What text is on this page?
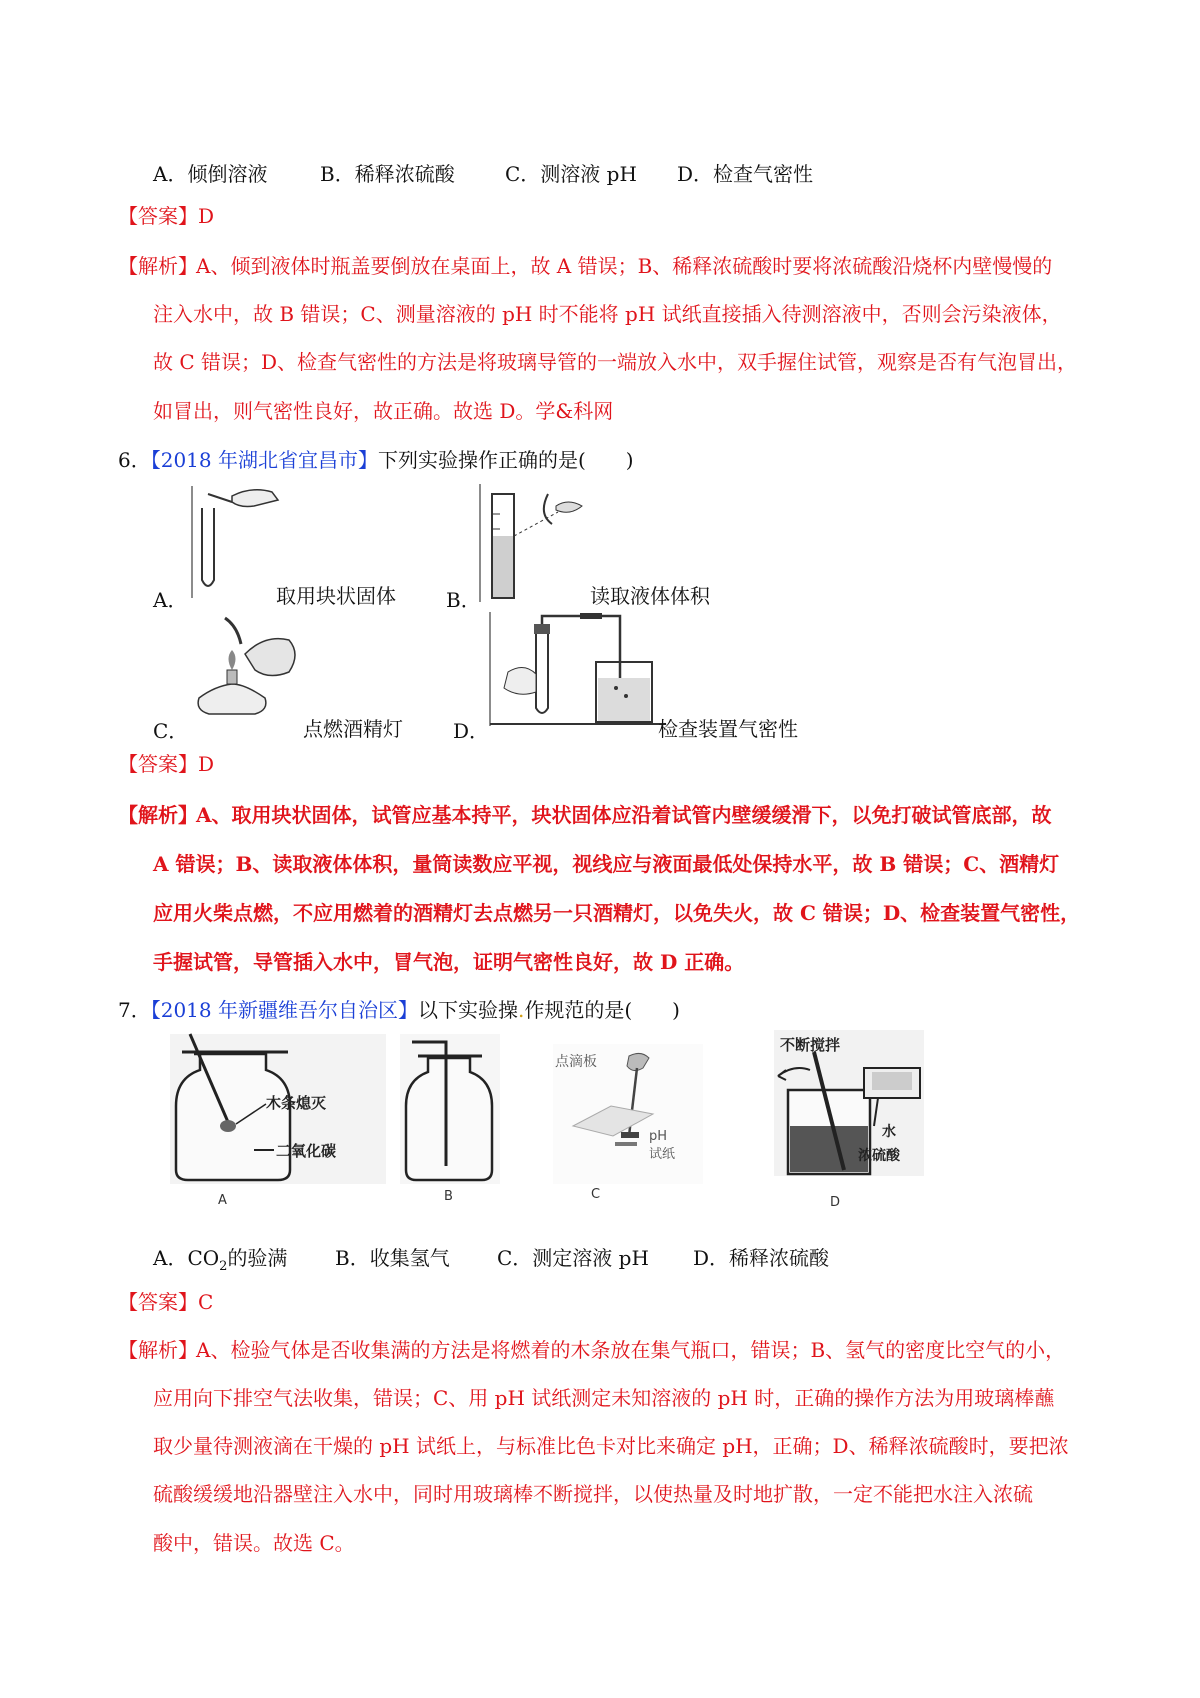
A．倾倒溶液	B．稀释浓硫酸	C．测溶液 pH D．检查气密性
【答案】D
【解析】
A、倾到液体时瓶盖要倒放在桌面上，故 A 错误；B、稀释浓硫酸时要将浓硫酸沿烧杯内壁慢慢的
注入水中，故 B 错误；C、测量溶液的 pH 时不能将 pH 试纸直接插入待测溶液中，否则会污染液体，
故 C 错误；D、检查气密性的方法是将玻璃导管的一端放入水中，双手握住试管，观察是否有气泡冒出，
如冒出，则气密性良好，故正确。故选 D。学&科网
6．【2018 年湖北省宜昌市】下列实验操作正确的是(　　)
A．	取用块状固体	B．	读取液体体积
C．	点燃酒精灯	D．	检查装置气密性
【答案】D
【解析】
A、取用块状固体，试管应基本持平，块状固体应沿着试管内壁缓缓滑下，以免打破试管底部，故
A 错误；B、读取液体体积，量筒读数应平视，视线应与液面最低处保持水平，故 B 错误；C、酒精灯
应用火柴点燃，不应用燃着的酒精灯去点燃另一只酒精灯，以免失火，故 C 错误；D、检查装置气密性，
手握试管，导管插入水中，冒气泡，证明气密性良好，故 D 正确。
7．【2018 年新疆维吾尔自治区】以下实验操.作规范的是(　　)
木条熄灭
二氧化碳
A	B
点滴板
pH
试纸
C
不断搅拌
水
浓硫酸
D
A．$CO_2$的验满 B．收集氢气 C．测定溶液 pH D．稀释浓硫酸
【答案】C
【解析】
A、检验气体是否收集满的方法是将燃着的木条放在集气瓶口，错误；B、氢气的密度比空气的小，
应用向下排空气法收集，错误；C、用 pH 试纸测定未知溶液的 pH 时，正确的操作方法为用玻璃棒蘸
取少量待测液滴在干燥的 pH 试纸上，与标准比色卡对比来确定 pH，正确；D、稀释浓硫酸时，要把浓
硫酸缓缓地沿器壁注入水中，同时用玻璃棒不断搅拌，以使热量及时地扩散，一定不能把水注入浓硫
酸中，错误。故选 C。
